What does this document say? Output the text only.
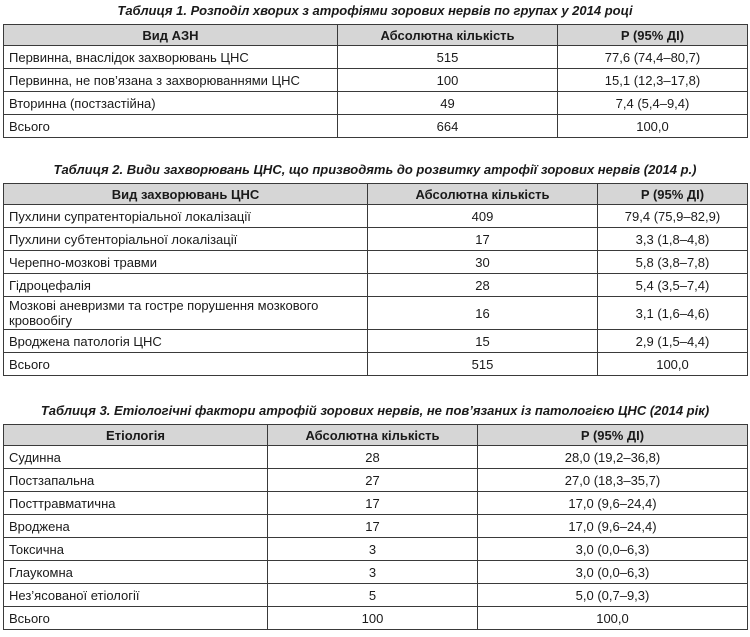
Таблиця 1. Розподіл хворих з атрофіями зорових нервів по групах у 2014 році
Вид АЗН	Абсолютна кількість	P (95% ДІ)
Первинна, внаслідок захворювань ЦНС	515	77,6 (74,4–80,7)
Первинна, не пов’язана з захворюваннями ЦНС	100	15,1 (12,3–17,8)
Вторинна (постзастійна)	49	7,4 (5,4–9,4)
Всього	664	100,0
Таблиця 2. Види захворювань ЦНС, що призводять до розвитку атрофії зорових нервів (2014 р.)
Вид захворювань ЦНС	Абсолютна кількість	P (95% ДІ)
Пухлини супратенторіальної локалізації	409	79,4 (75,9–82,9)
Пухлини субтенторіальної локалізації	17	3,3 (1,8–4,8)
Черепно-мозкові травми	30	5,8 (3,8–7,8)
Гідроцефалія	28	5,4 (3,5–7,4)
Мозкові аневризми та гостре порушення мозкового кровообігу	16	3,1 (1,6–4,6)
Вроджена патологія ЦНС	15	2,9 (1,5–4,4)
Всього	515	100,0
Таблиця 3. Етіологічні фактори атрофій зорових нервів, не пов’язаних із патологією ЦНС (2014 рік)
Етіологія	Абсолютна кількість	P (95% ДІ)
Судинна	28	28,0 (19,2–36,8)
Постзапальна	27	27,0 (18,3–35,7)
Посттравматична	17	17,0 (9,6–24,4)
Вроджена	17	17,0 (9,6–24,4)
Токсична	3	3,0 (0,0–6,3)
Глаукомна	3	3,0 (0,0–6,3)
Нез’ясованої етіології	5	5,0 (0,7–9,3)
Всього	100	100,0
